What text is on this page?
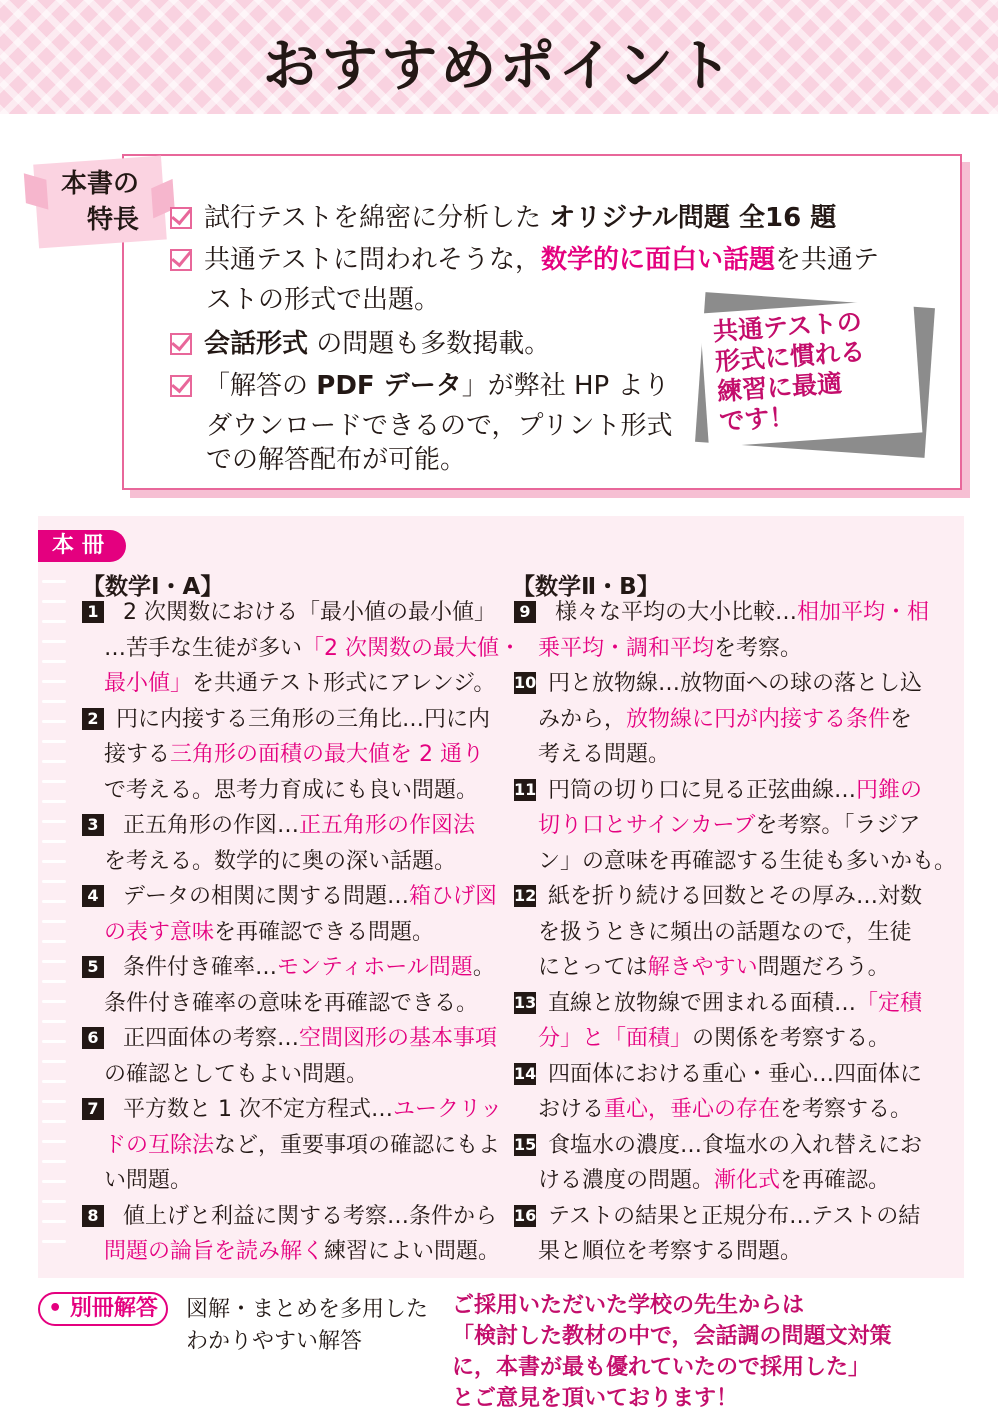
おすすめポイント
本書の
特長	試行テストを綿密に分析した オリジナル問題 全16 題
共通テストに問われそうな，数学的に面白い話題を共通テ
ストの形式で出題。
会話形式 の問題も多数掲載。
「解答の PDF データ」が弊社 HP より
ダウンロードできるので，プリント形式
での解答配布が可能。
共通テストの
形式に慣れる
練習に最適
です！
本冊
【数学Ⅰ・A】	【数学Ⅱ・B】
1 2 次関数における「最小値の最小値」
…苦手な生徒が多い「2 次関数の最大値・
最小値」を共通テスト形式にアレンジ。
2 円に内接する三角形の三角比…円に内
接する三角形の面積の最大値を 2 通り
で考える。思考力育成にも良い問題。
3 正五角形の作図…正五角形の作図法
を考える。数学的に奥の深い話題。
4 データの相関に関する問題…箱ひげ図
の表す意味を再確認できる問題。
5 条件付き確率…モンティホール問題。
条件付き確率の意味を再確認できる。
6 正四面体の考察…空間図形の基本事項
の確認としてもよい問題。
7 平方数と 1 次不定方程式…ユークリッ
ドの互除法など，重要事項の確認にもよ
い問題。
8 値上げと利益に関する考察…条件から
問題の論旨を読み解く練習によい問題。
9 様々な平均の大小比較…相加平均・相
乗平均・調和平均を考察。
10 円と放物線…放物面への球の落とし込
みから，放物線に円が内接する条件を
考える問題。
11 円筒の切り口に見る正弦曲線…円錐の
切り口とサインカーブを考察。「ラジア
ン」の意味を再確認する生徒も多いかも。
12 紙を折り続ける回数とその厚み…対数
を扱うときに頻出の話題なので，生徒
にとっては解きやすい問題だろう。
13 直線と放物線で囲まれる面積…「定積
分」と「面積」の関係を考察する。
14 四面体における重心・垂心…四面体に
おける重心，垂心の存在を考察する。
15 食塩水の濃度…食塩水の入れ替えにお
ける濃度の問題。漸化式を再確認。
16 テストの結果と正規分布…テストの結
果と順位を考察する問題。
• 別冊解答	図解・まとめを多用した
わかりやすい解答
ご採用いただいた学校の先生からは
「検討した教材の中で，会話調の問題文対策
に，本書が最も優れていたので採用した」
とご意見を頂いております！
